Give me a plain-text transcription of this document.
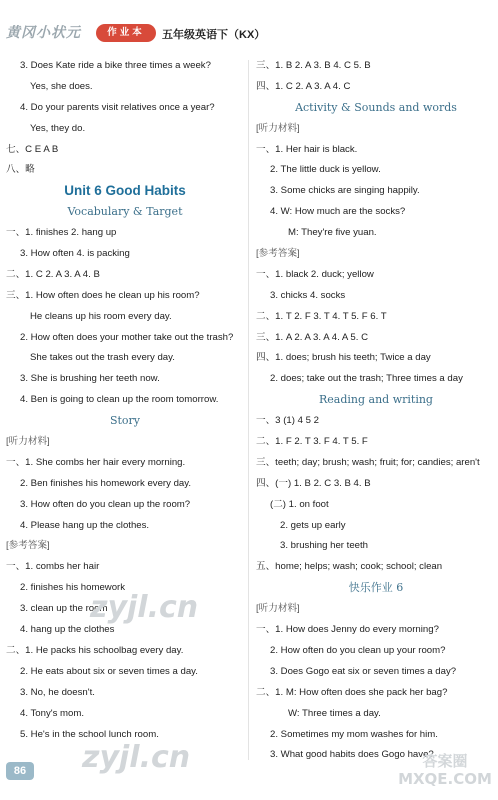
黄冈小状元	作业本	五年级英语下（KX）
3. Does Kate ride a bike three times a week?
Yes, she does.
4. Do your parents visit relatives once a year?
Yes, they do.
七、C E A B
八、略
Unit 6 Good Habits
Vocabulary & Target
一、1. finishes 2. hang up
3. How often 4. is packing
二、1. C 2. A 3. A 4. B
三、1. How often does he clean up his room?
He cleans up his room every day.
2. How often does your mother take out the trash?
She takes out the trash every day.
3. She is brushing her teeth now.
4. Ben is going to clean up the room tomorrow.
Story
[听力材料]
一、1. She combs her hair every morning.
2. Ben finishes his homework every day.
3. How often do you clean up the room?
4. Please hang up the clothes.
[参考答案]
一、1. combs her hair
2. finishes his homework
3. clean up the room
4. hang up the clothes
二、1. He packs his schoolbag every day.
2. He eats about six or seven times a day.
3. No, he doesn't.
4. Tony's mom.
5. He's in the school lunch room.
三、1. B 2. A 3. B 4. C 5. B
四、1. C 2. A 3. A 4. C
Activity & Sounds and words
[听力材料]
一、1. Her hair is black.
2. The little duck is yellow.
3. Some chicks are singing happily.
4. W: How much are the socks?
M: They're five yuan.
[参考答案]
一、1. black 2. duck; yellow
3. chicks 4. socks
二、1. T 2. F 3. T 4. T 5. F 6. T
三、1. A 2. A 3. A 4. A 5. C
四、1. does; brush his teeth; Twice a day
2. does; take out the trash; Three times a day
Reading and writing
一、3 (1) 4 5 2
二、1. F 2. T 3. F 4. T 5. F
三、teeth; day; brush; wash; fruit; for; candies; aren't
四、(一) 1. B 2. C 3. B 4. B
(二) 1. on foot
2. gets up early
3. brushing her teeth
五、home; helps; wash; cook; school; clean
快乐作业 6
[听力材料]
一、1. How does Jenny do every morning?
2. How often do you clean up your room?
3. Does Gogo eat six or seven times a day?
二、1. M: How often does she pack her bag?
W: Three times a day.
2. Sometimes my mom washes for him.
3. What good habits does Gogo have?
86
zyjl.cn
zyjl.cn	答案圈 MXQE.COM
